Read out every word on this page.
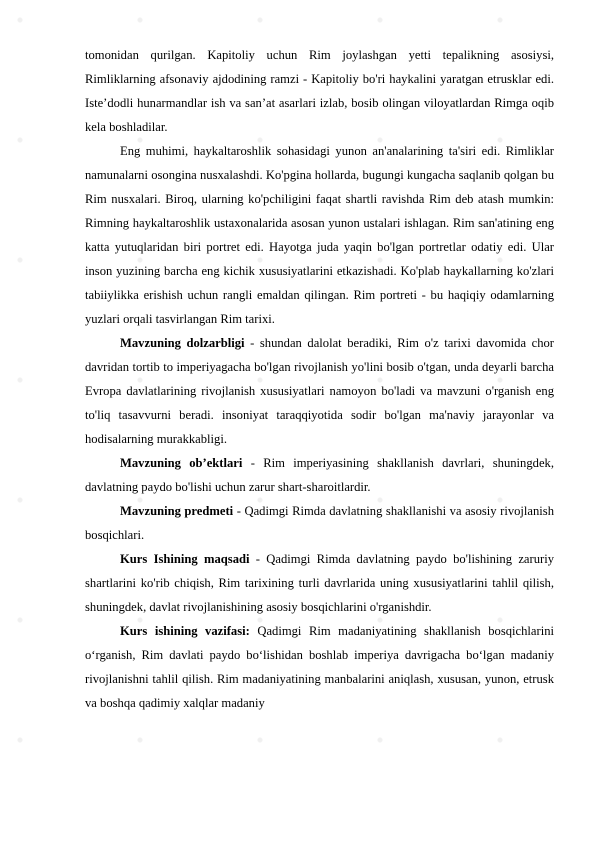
tomonidan qurilgan. Kapitoliy uchun Rim joylashgan yetti tepalikning asosiysi, Rimliklarning afsonaviy ajdodining ramzi - Kapitoliy bo'ri haykalini yaratgan etrusklar edi. Iste’dodli hunarmandlar ish va san’at asarlari izlab, bosib olingan viloyatlardan Rimga oqib kela boshladilar.

Eng muhimi, haykaltaroshlik sohasidagi yunon an'analarining ta'siri edi. Rimliklar namunalarni osongina nusxalashdi. Ko'pgina hollarda, bugungi kungacha saqlanib qolgan bu Rim nusxalari. Biroq, ularning ko'pchiligini faqat shartli ravishda Rim deb atash mumkin: Rimning haykaltaroshlik ustaxonalarida asosan yunon ustalari ishlagan. Rim san'atining eng katta yutuqlaridan biri portret edi. Hayotga juda yaqin bo'lgan portretlar odatiy edi. Ular inson yuzining barcha eng kichik xususiyatlarini etkazishadi. Ko'plab haykallarning ko'zlari tabiiylikka erishish uchun rangli emaldan qilingan. Rim portreti - bu haqiqiy odamlarning yuzlari orqali tasvirlangan Rim tarixi.

Mavzuning dolzarbligi - shundan dalolat beradiki, Rim o'z tarixi davomida chor davridan tortib to imperiyagacha bo'lgan rivojlanish yo'lini bosib o'tgan, unda deyarli barcha Evropa davlatlarining rivojlanish xususiyatlari namoyon bo'ladi va mavzuni o'rganish eng to'liq tasavvurni beradi. insoniyat taraqqiyotida sodir bo'lgan ma'naviy jarayonlar va hodisalarning murakkabligi.

Mavzuning ob’ektlari - Rim imperiyasining shakllanish davrlari, shuningdek, davlatning paydo bo'lishi uchun zarur shart-sharoitlardir.

Mavzuning predmeti - Qadimgi Rimda davlatning shakllanishi va asosiy rivojlanish bosqichlari.

Kurs Ishining maqsadi - Qadimgi Rimda davlatning paydo bo'lishining zaruriy shartlarini ko'rib chiqish, Rim tarixining turli davrlarida uning xususiyatlarini tahlil qilish, shuningdek, davlat rivojlanishining asosiy bosqichlarini o'rganishdir.

Kurs ishining vazifasi: Qadimgi Rim madaniyatining shakllanish bosqichlarini o‘rganish, Rim davlati paydo bo‘lishidan boshlab imperiya davrigacha bo‘lgan madaniy rivojlanishni tahlil qilish. Rim madaniyatining manbalarini aniqlash, xususan, yunon, etrusk va boshqa qadimiy xalqlar madaniy
